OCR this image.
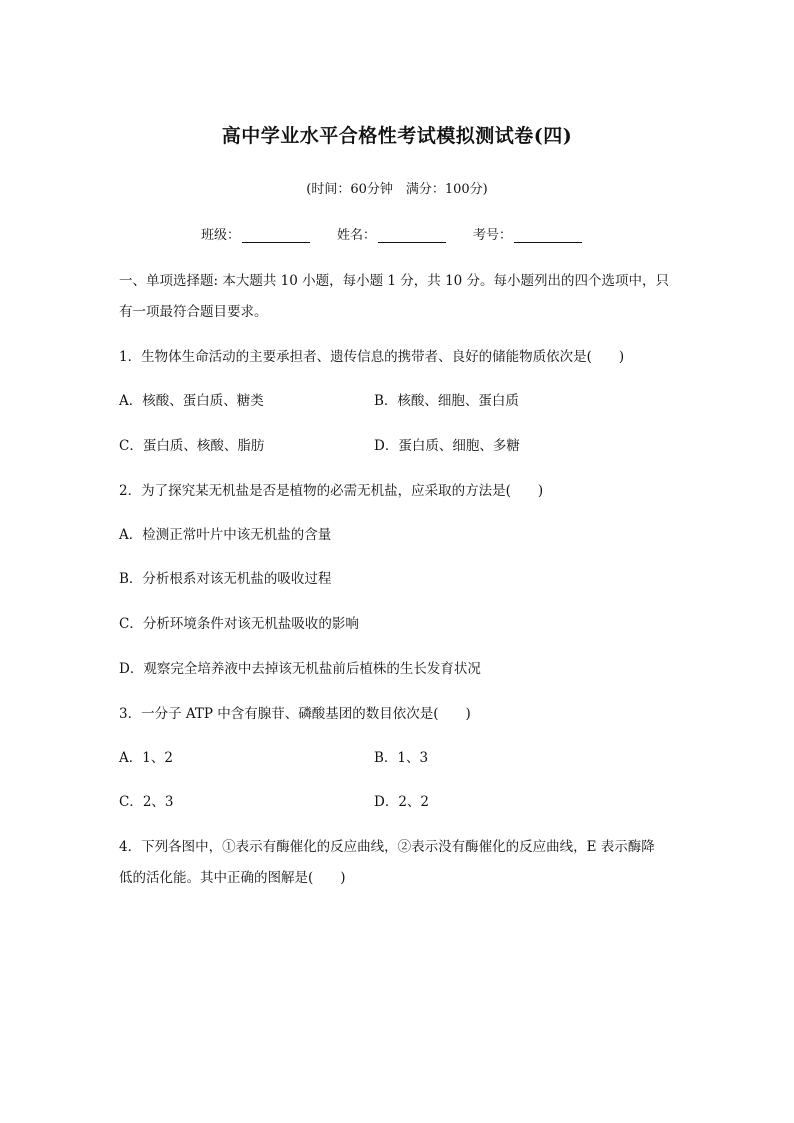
高中学业水平合格性考试模拟测试卷(四)
(时间：60分钟　满分：100分)
班级：	姓名：	考号：
一、单项选择题: 本大题共 10 小题，每小题 1 分，共 10 分。每小题列出的四个选项中，只
有一项最符合题目要求。
1．生物体生命活动的主要承担者、遗传信息的携带者、良好的储能物质依次是(　　)
A．核酸、蛋白质、糖类	B．核酸、细胞、蛋白质
C．蛋白质、核酸、脂肪	D．蛋白质、细胞、多糖
2．为了探究某无机盐是否是植物的必需无机盐，应采取的方法是(　　)
A．检测正常叶片中该无机盐的含量
B．分析根系对该无机盐的吸收过程
C．分析环境条件对该无机盐吸收的影响
D．观察完全培养液中去掉该无机盐前后植株的生长发育状况
3．一分子 ATP 中含有腺苷、磷酸基团的数目依次是(　　)
A．1、2	B．1、3
C．2、3	D．2、2
4．下列各图中，①表示有酶催化的反应曲线，②表示没有酶催化的反应曲线，E 表示酶降
低的活化能。其中正确的图解是(　　)
